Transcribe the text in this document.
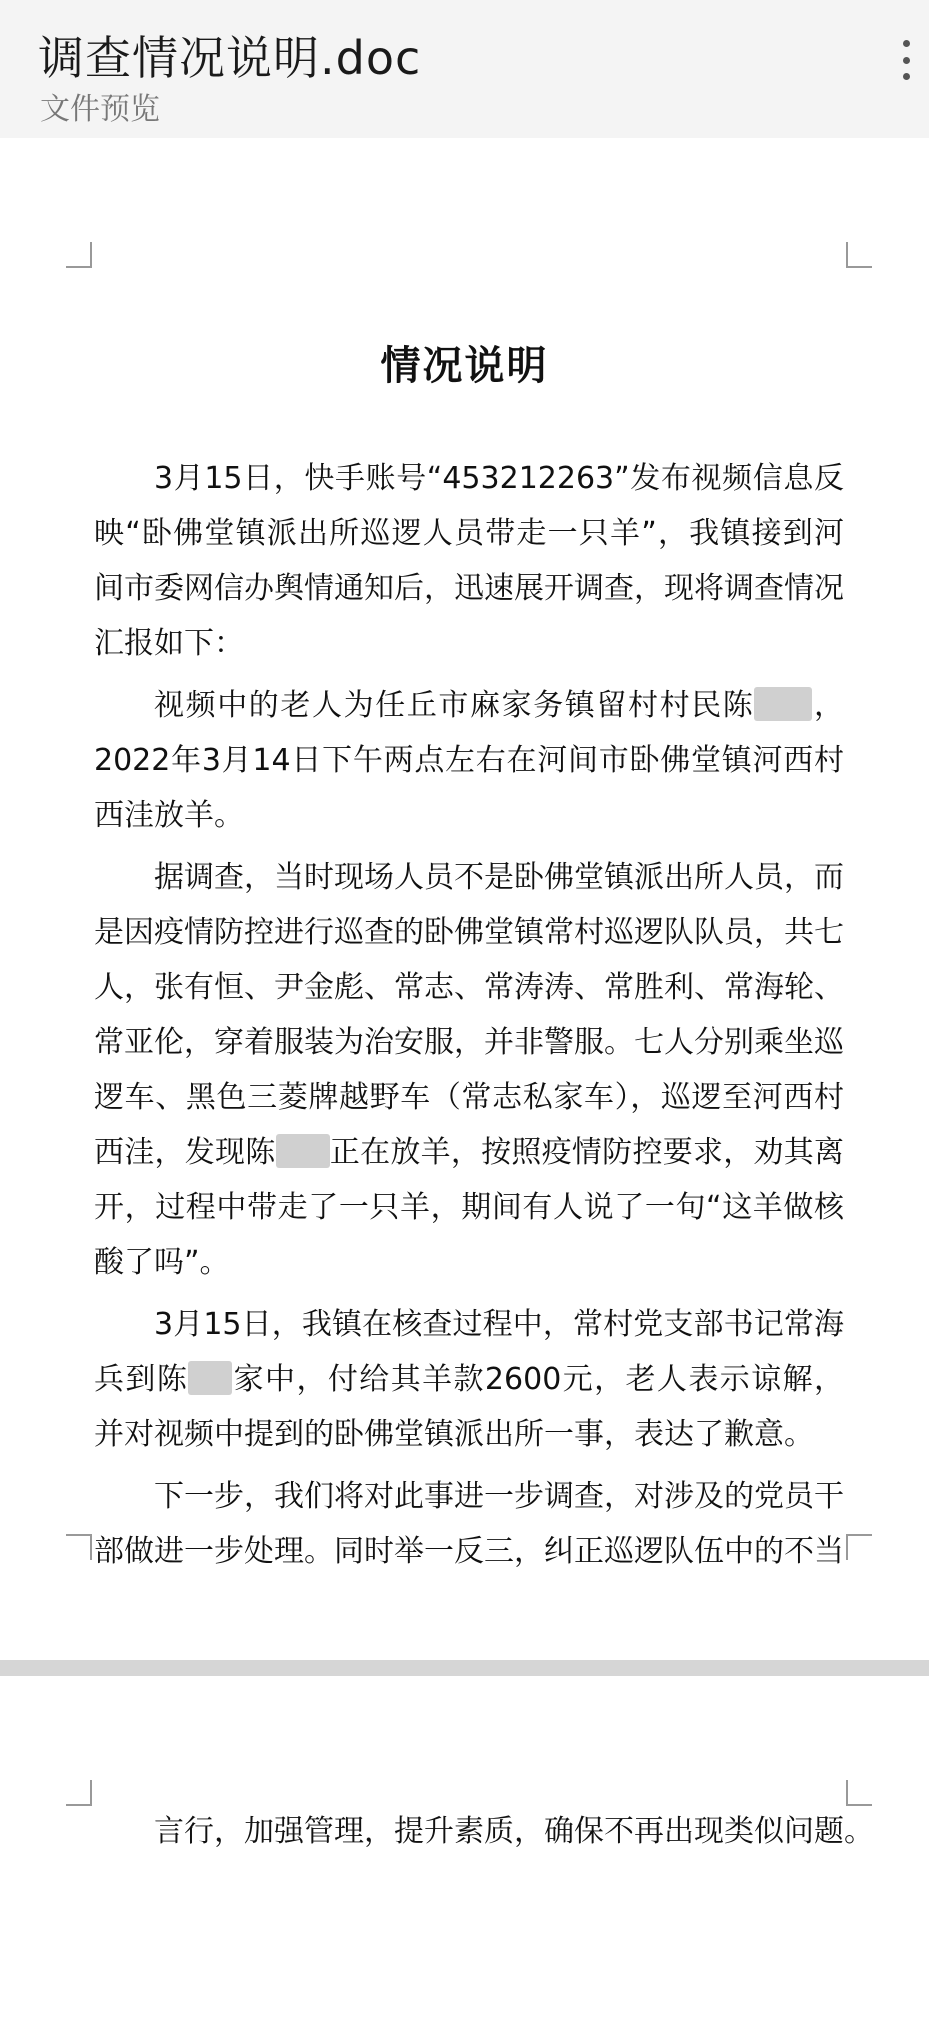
调查情况说明.doc
文件预览
情况说明

3月15日，快手账号“453212263”发布视频信息反映“卧佛堂镇派出所巡逻人员带走一只羊”，我镇接到河间市委网信办舆情通知后，迅速展开调查，现将调查情况汇报如下：

视频中的老人为任丘市麻家务镇留村村民陈 ，2022年3月14日下午两点左右在河间市卧佛堂镇河西村西洼放羊。

据调查，当时现场人员不是卧佛堂镇派出所人员，而是因疫情防控进行巡查的卧佛堂镇常村巡逻队队员，共七人，张有恒、尹金彪、常志、常涛涛、常胜利、常海轮、常亚伦，穿着服装为治安服，并非警服。七人分别乘坐巡逻车、黑色三菱牌越野车（常志私家车），巡逻至河西村西洼，发现陈 正在放羊，按照疫情防控要求，劝其离开，过程中带走了一只羊，期间有人说了一句“这羊做核酸了吗”。

3月15日，我镇在核查过程中，常村党支部书记常海兵到陈 家中，付给其羊款2600元，老人表示谅解，并对视频中提到的卧佛堂镇派出所一事，表达了歉意。

下一步，我们将对此事进一步调查，对涉及的党员干部做进一步处理。同时举一反三，纠正巡逻队伍中的不当

言行，加强管理，提升素质，确保不再出现类似问题。
